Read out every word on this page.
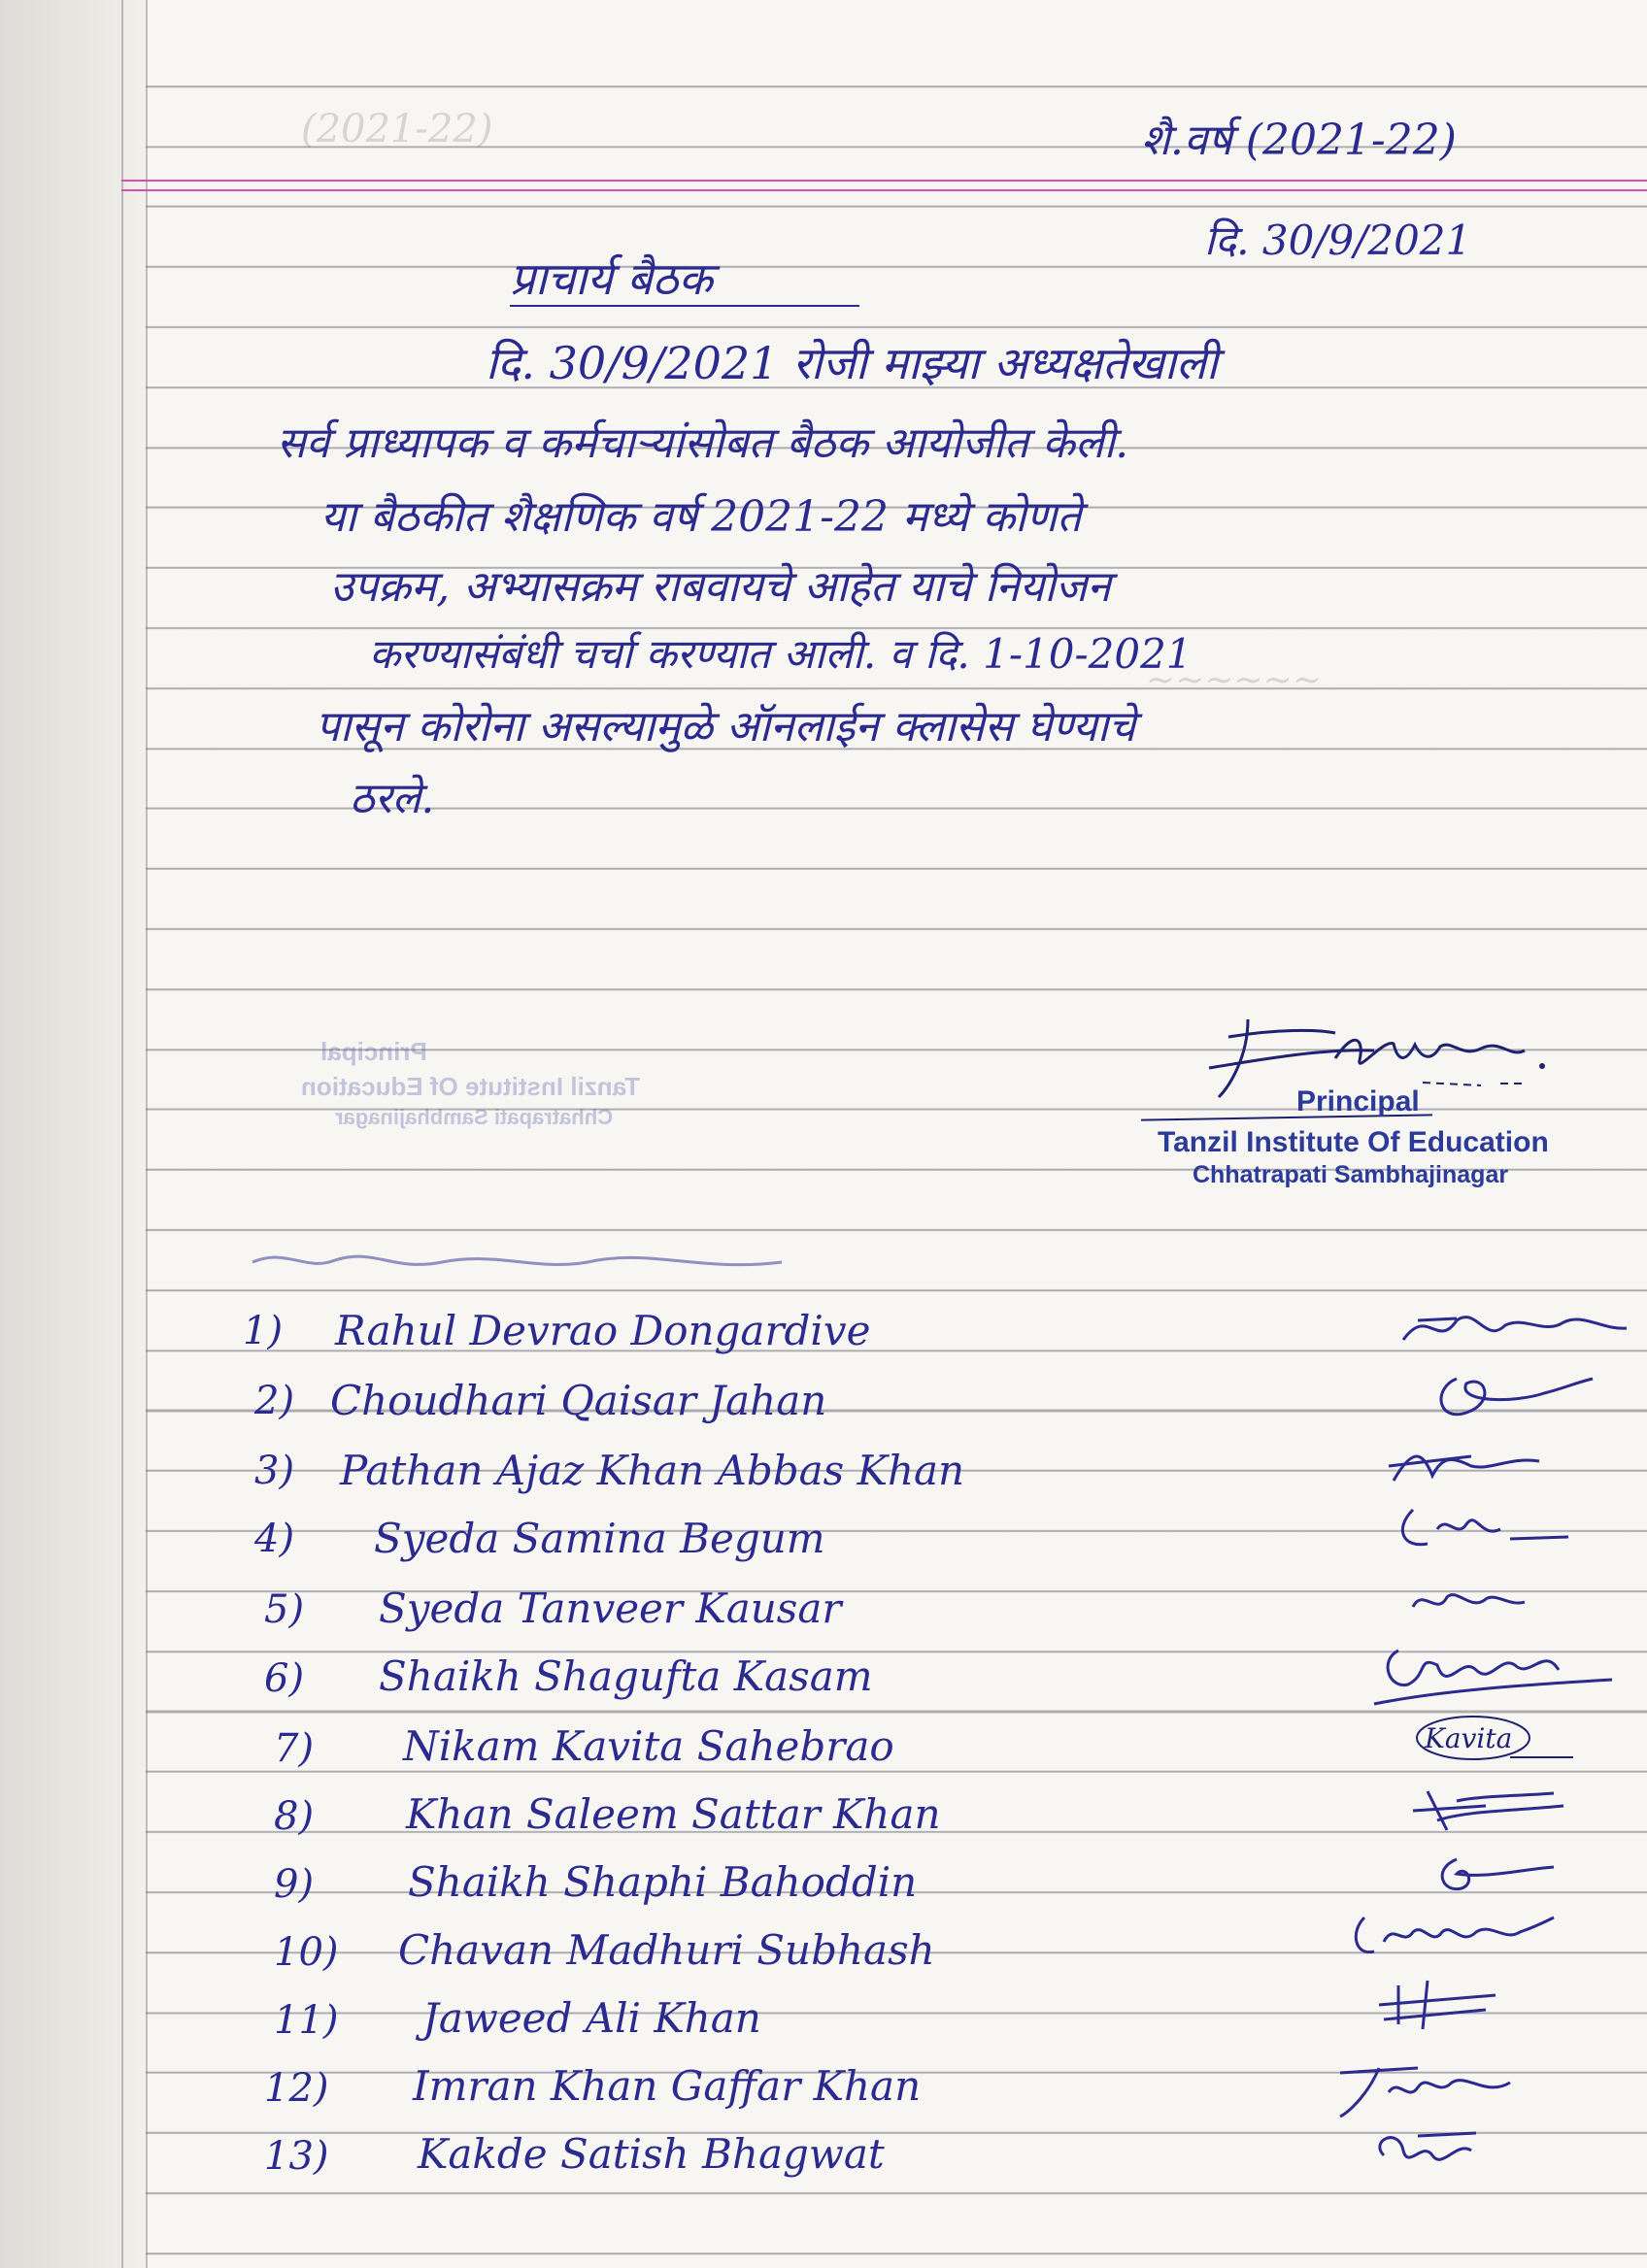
(2021-22)
~~~~~~

शै.वर्ष (2021-22)

दि. 30/9/2021

प्राचार्य बैठक

दि. 30/9/2021 रोजी माझ्या अध्यक्षतेखाली

सर्व प्राध्यापक व कर्मचाऱ्यांसोबत बैठक आयोजीत केली.

या बैठकीत शैक्षणिक वर्ष 2021-22 मध्ये कोणते

उपक्रम, अभ्यासक्रम राबवायचे आहेत याचे नियोजन

करण्यासंबंधी चर्चा करण्यात आली. व दि. 1-10-2021

पासून कोरोना असल्यामुळे ऑनलाईन क्लासेस घेण्याचे

ठरले.

Principal

Tanzil Institute Of Education

Chhatrapati Sambhajinagar	Principal

Tanzil Institute Of Education

Chhatrapati Sambhajinagar

1) Rahul Devrao Dongardive

2) Choudhari Qaisar Jahan

3) Pathan Ajaz Khan Abbas Khan

4) Syeda Samina Begum

5) Syeda Tanveer Kausar

6) Shaikh Shagufta Kasam

7) Nikam Kavita Sahebrao

8) Khan Saleem Sattar Khan

9) Shaikh Shaphi Bahoddin

10) Chavan Madhuri Subhash

11) Jaweed Ali Khan

12) Imran Khan Gaffar Khan

13) Kakde Satish Bhagwat

Kavita
